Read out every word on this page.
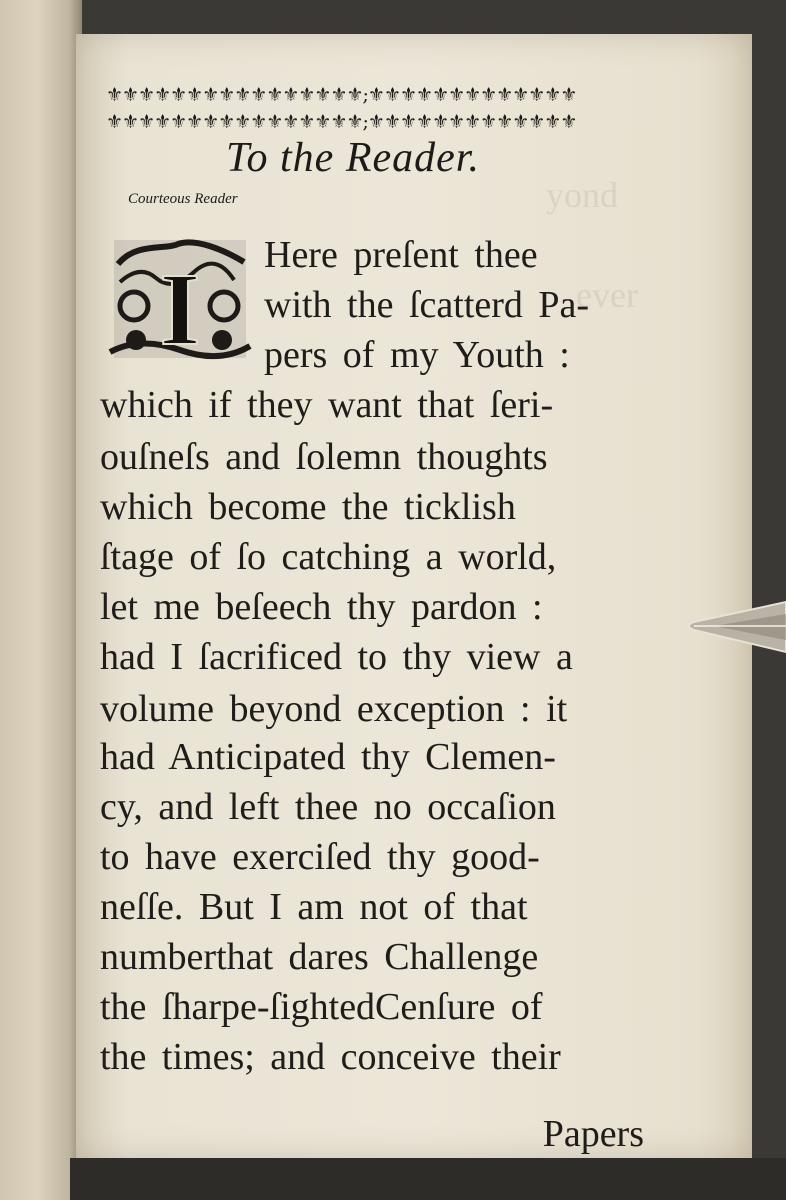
yond
ever
⚜⚜⚜⚜⚜⚜⚜⚜⚜⚜⚜⚜⚜⚜⚜⚜;⚜⚜⚜⚜⚜⚜⚜⚜⚜⚜⚜⚜⚜
⚜⚜⚜⚜⚜⚜⚜⚜⚜⚜⚜⚜⚜⚜⚜⚜;⚜⚜⚜⚜⚜⚜⚜⚜⚜⚜⚜⚜⚜
To the Reader.
Courteous Reader
I Here preſent thee
with the ſcatterd Pa-
pers of my Youth :
which if they want that ſeri-
ouſneſs and ſolemn thoughts
which become the ticklish
ſtage of ſo catching a world,
let me beſeech thy pardon :
had I ſacrificed to thy view a
volume beyond exception : it
had Anticipated thy Clemen-
cy, and left thee no occaſion
to have exerciſed thy good-
neſſe. But I am not of that
numberthat dares Challenge
the ſharpe-ſightedCenſure of
the times; and conceive their
Papers
